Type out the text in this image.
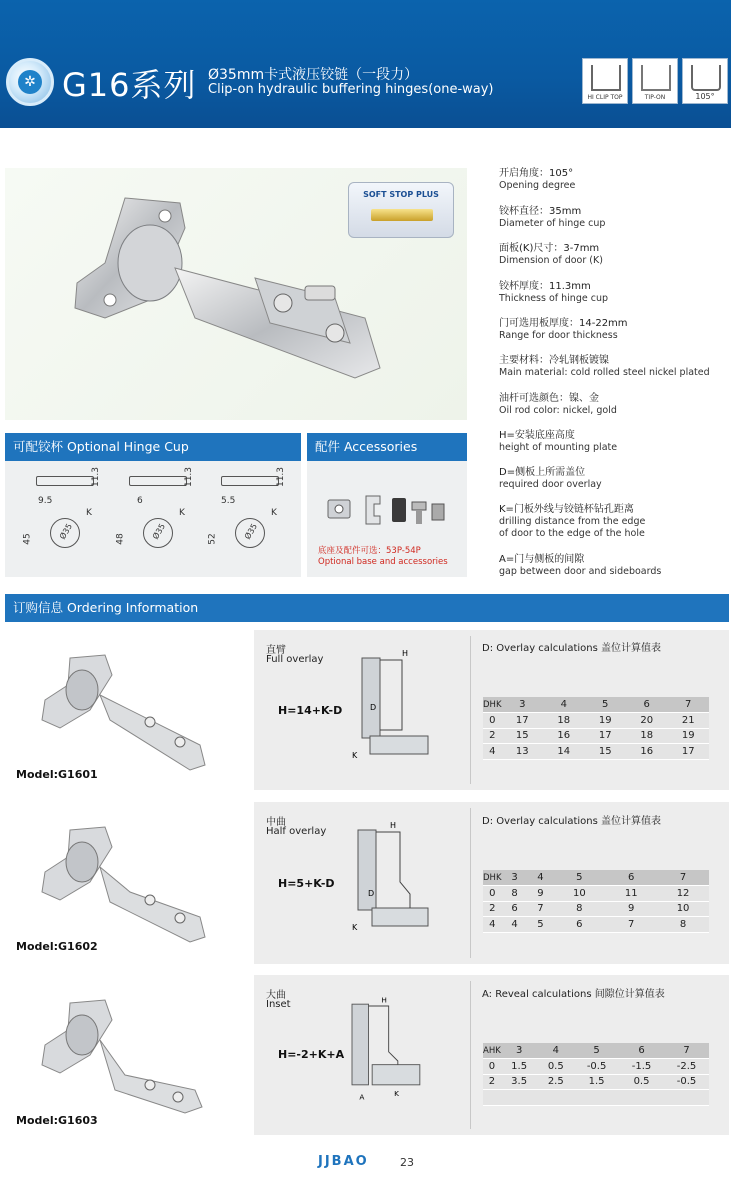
✲ G16系列 Ø35mm卡式液压铰链（一段力）
Clip-on hydraulic buffering hinges(one-way)
HI CLIP TOP	TIP-ON	105°
SOFT STOP PLUS
开启角度：105°
Opening degree
铰杯直径：35mm
Diameter of hinge cup
面板(K)尺寸：3-7mm
Dimension of door (K)
铰杯厚度：11.3mm
Thickness of hinge cup
门可选用板厚度：14-22mm
Range for door thickness
主要材料：冷轧钢板镀镍
Main material: cold rolled steel nickel plated
油杆可选颜色：镍、金
Oil rod color: nickel, gold
H=安装底座高度
height of mounting plate
D=侧板上所需盖位
required door overlay
K=门板外线与铰链杯钻孔距离
drilling distance from the edge
of door to the edge of the hole
A=门与侧板的间隙
gap between door and sideboards
可配铰杯 Optional Hinge Cup
11.3
9.5
45	Ø35
K
11.3
6
48	Ø35
K
11.3
5.5
52	Ø35
K
配件 Accessories
底座及配件可选：53P-54P
Optional base and accessories
订购信息 Ordering Information
Model:G1601
直臂
Full overlay
H=14+K-D
H
D
K
D: Overlay calculations 盖位计算值表
DHK	3	4	5	6	7
0	17	18	19	20	21
2	15	16	17	18	19
4	13	14	15	16	17
Model:G1602
中曲
Half overlay
H=5+K-D
H
D
K
D: Overlay calculations 盖位计算值表
DHK	3	4	5	6	7
0	8	9	10	11	12
2	6	7	8	9	10
4	4	5	6	7	8
Model:G1603
大曲
Inset
H=-2+K+A
H
A	K
A: Reveal calculations 间隙位计算值表
AHK	3	4	5	6	7
0	1.5	0.5	-0.5	-1.5	-2.5
2	3.5	2.5	1.5	0.5	-0.5

JJBAO	23
